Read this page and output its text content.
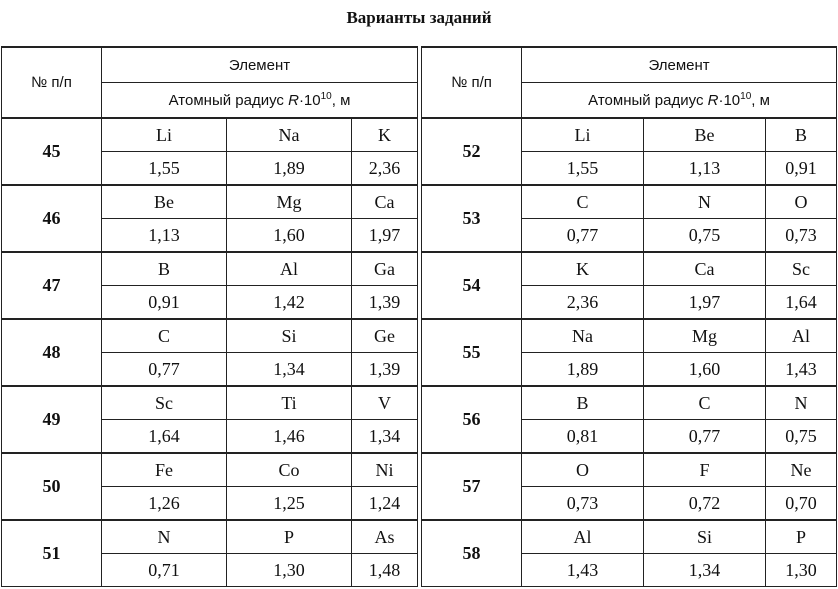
Варианты заданий
№ п/п	Элемент				№ п/п	Элемент		
	Атомный радиус $R\cdot 10^{10}$, м					Атомный радиус $R\cdot 10^{10}$, м		
45	Li	Na	K		52	Li	Be	B
	1,55	1,89	2,36			1,55	1,13	0,91
46	Be	Mg	Ca		53	C	N	O
	1,13	1,60	1,97			0,77	0,75	0,73
47	B	Al	Ga		54	K	Ca	Sc
	0,91	1,42	1,39			2,36	1,97	1,64
48	C	Si	Ge		55	Na	Mg	Al
	0,77	1,34	1,39			1,89	1,60	1,43
49	Sc	Ti	V		56	B	C	N
	1,64	1,46	1,34			0,81	0,77	0,75
50	Fe	Co	Ni		57	O	F	Ne
	1,26	1,25	1,24			0,73	0,72	0,70
51	N	P	As		58	Al	Si	P
	0,71	1,30	1,48			1,43	1,34	1,30
